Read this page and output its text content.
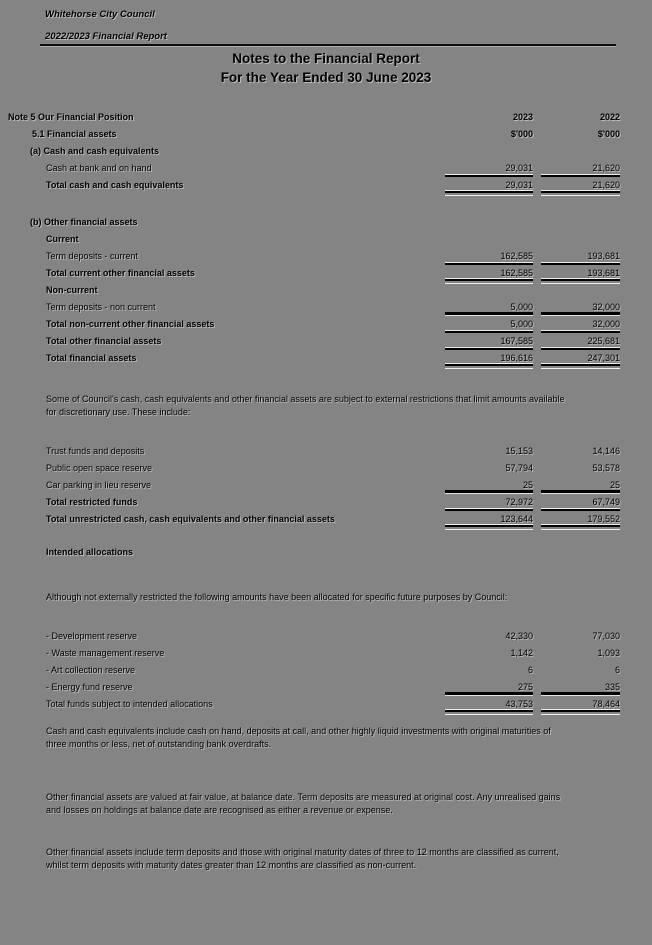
Whitehorse City Council
2022/2023 Financial Report
Notes to the Financial Report
For the Year Ended 30 June 2023
Note 5 Our Financial Position	2023	2022
5.1 Financial assets	$'000	$'000
(a) Cash and cash equivalents
Cash at bank and on hand	29,031	21,620
Total cash and cash equivalents	29,031	21,620
(b) Other financial assets
Current
Term deposits - current	162,585	193,681
Total current other financial assets	162,585	193,681
Non-current
Term deposits - non current	5,000	32,000
Total non-current other financial assets	5,000	32,000
Total other financial assets	167,585	225,681
Total financial assets	196,616	247,301
Some of Council's cash, cash equivalents and other financial assets are subject to external restrictions that limit amounts available for discretionary use. These include:
Trust funds and deposits	15,153	14,146
Public open space reserve	57,794	53,578
Car parking in lieu reserve	25	25
Total restricted funds	72,972	67,749
Total unrestricted cash, cash equivalents and other financial assets	123,644	179,552
Intended allocations
Although not externally restricted the following amounts have been allocated for specific future purposes by Council:
- Development reserve	42,330	77,030
- Waste management reserve	1,142	1,093
- Art collection reserve	6	6
- Energy fund reserve	275	335
Total funds subject to intended allocations	43,753	78,464
Cash and cash equivalents include cash on hand, deposits at call, and other highly liquid investments with original maturities of three months or less, net of outstanding bank overdrafts.
Other financial assets are valued at fair value, at balance date. Term deposits are measured at original cost. Any unrealised gains and losses on holdings at balance date are recognised as either a revenue or expense.
Other financial assets include term deposits and those with original maturity dates of three to 12 months are classified as current, whilst term deposits with maturity dates greater than 12 months are classified as non-current.
